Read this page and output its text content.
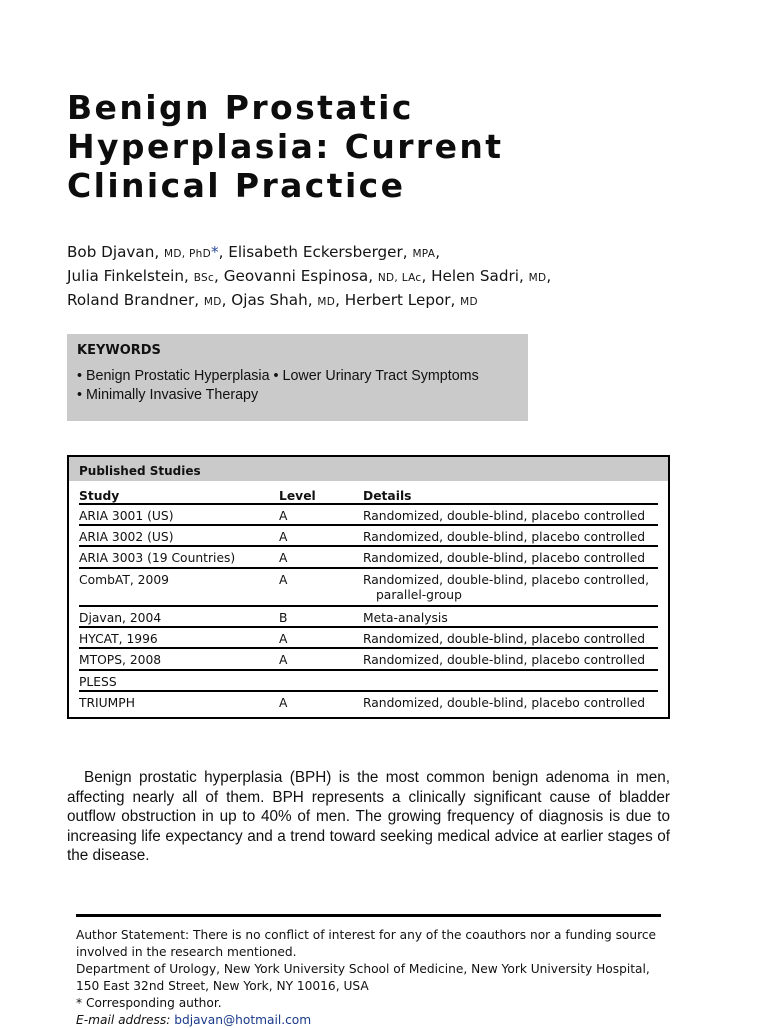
Benign Prostatic
Hyperplasia: Current
Clinical Practice
Bob Djavan, MD, PhD*, Elisabeth Eckersberger, MPA,
Julia Finkelstein, BSc, Geovanni Espinosa, ND, LAc, Helen Sadri, MD,
Roland Brandner, MD, Ojas Shah, MD, Herbert Lepor, MD
KEYWORDS
• Benign Prostatic Hyperplasia • Lower Urinary Tract Symptoms
• Minimally Invasive Therapy
Published Studies
Study	Level	Details
ARIA 3001 (US)	A	Randomized, double-blind, placebo controlled
ARIA 3002 (US)	A	Randomized, double-blind, placebo controlled
ARIA 3003 (19 Countries)	A	Randomized, double-blind, placebo controlled
CombAT, 2009	A	Randomized, double-blind, placebo controlled,
parallel-group
Djavan, 2004	B	Meta-analysis
HYCAT, 1996	A	Randomized, double-blind, placebo controlled
MTOPS, 2008	A	Randomized, double-blind, placebo controlled
PLESS
TRIUMPH	A	Randomized, double-blind, placebo controlled

Benign prostatic hyperplasia (BPH) is the most common benign adenoma in men, affecting nearly all of them. BPH represents a clinically significant cause of bladder outflow obstruction in up to 40% of men. The growing frequency of diagnosis is due to increasing life expectancy and a trend toward seeking medical advice at earlier stages of the disease.

Author Statement: There is no conflict of interest for any of the coauthors nor a funding source
involved in the research mentioned.
Department of Urology, New York University School of Medicine, New York University Hospital,
150 East 32nd Street, New York, NY 10016, USA
* Corresponding author.
E-mail address: bdjavan@hotmail.com
